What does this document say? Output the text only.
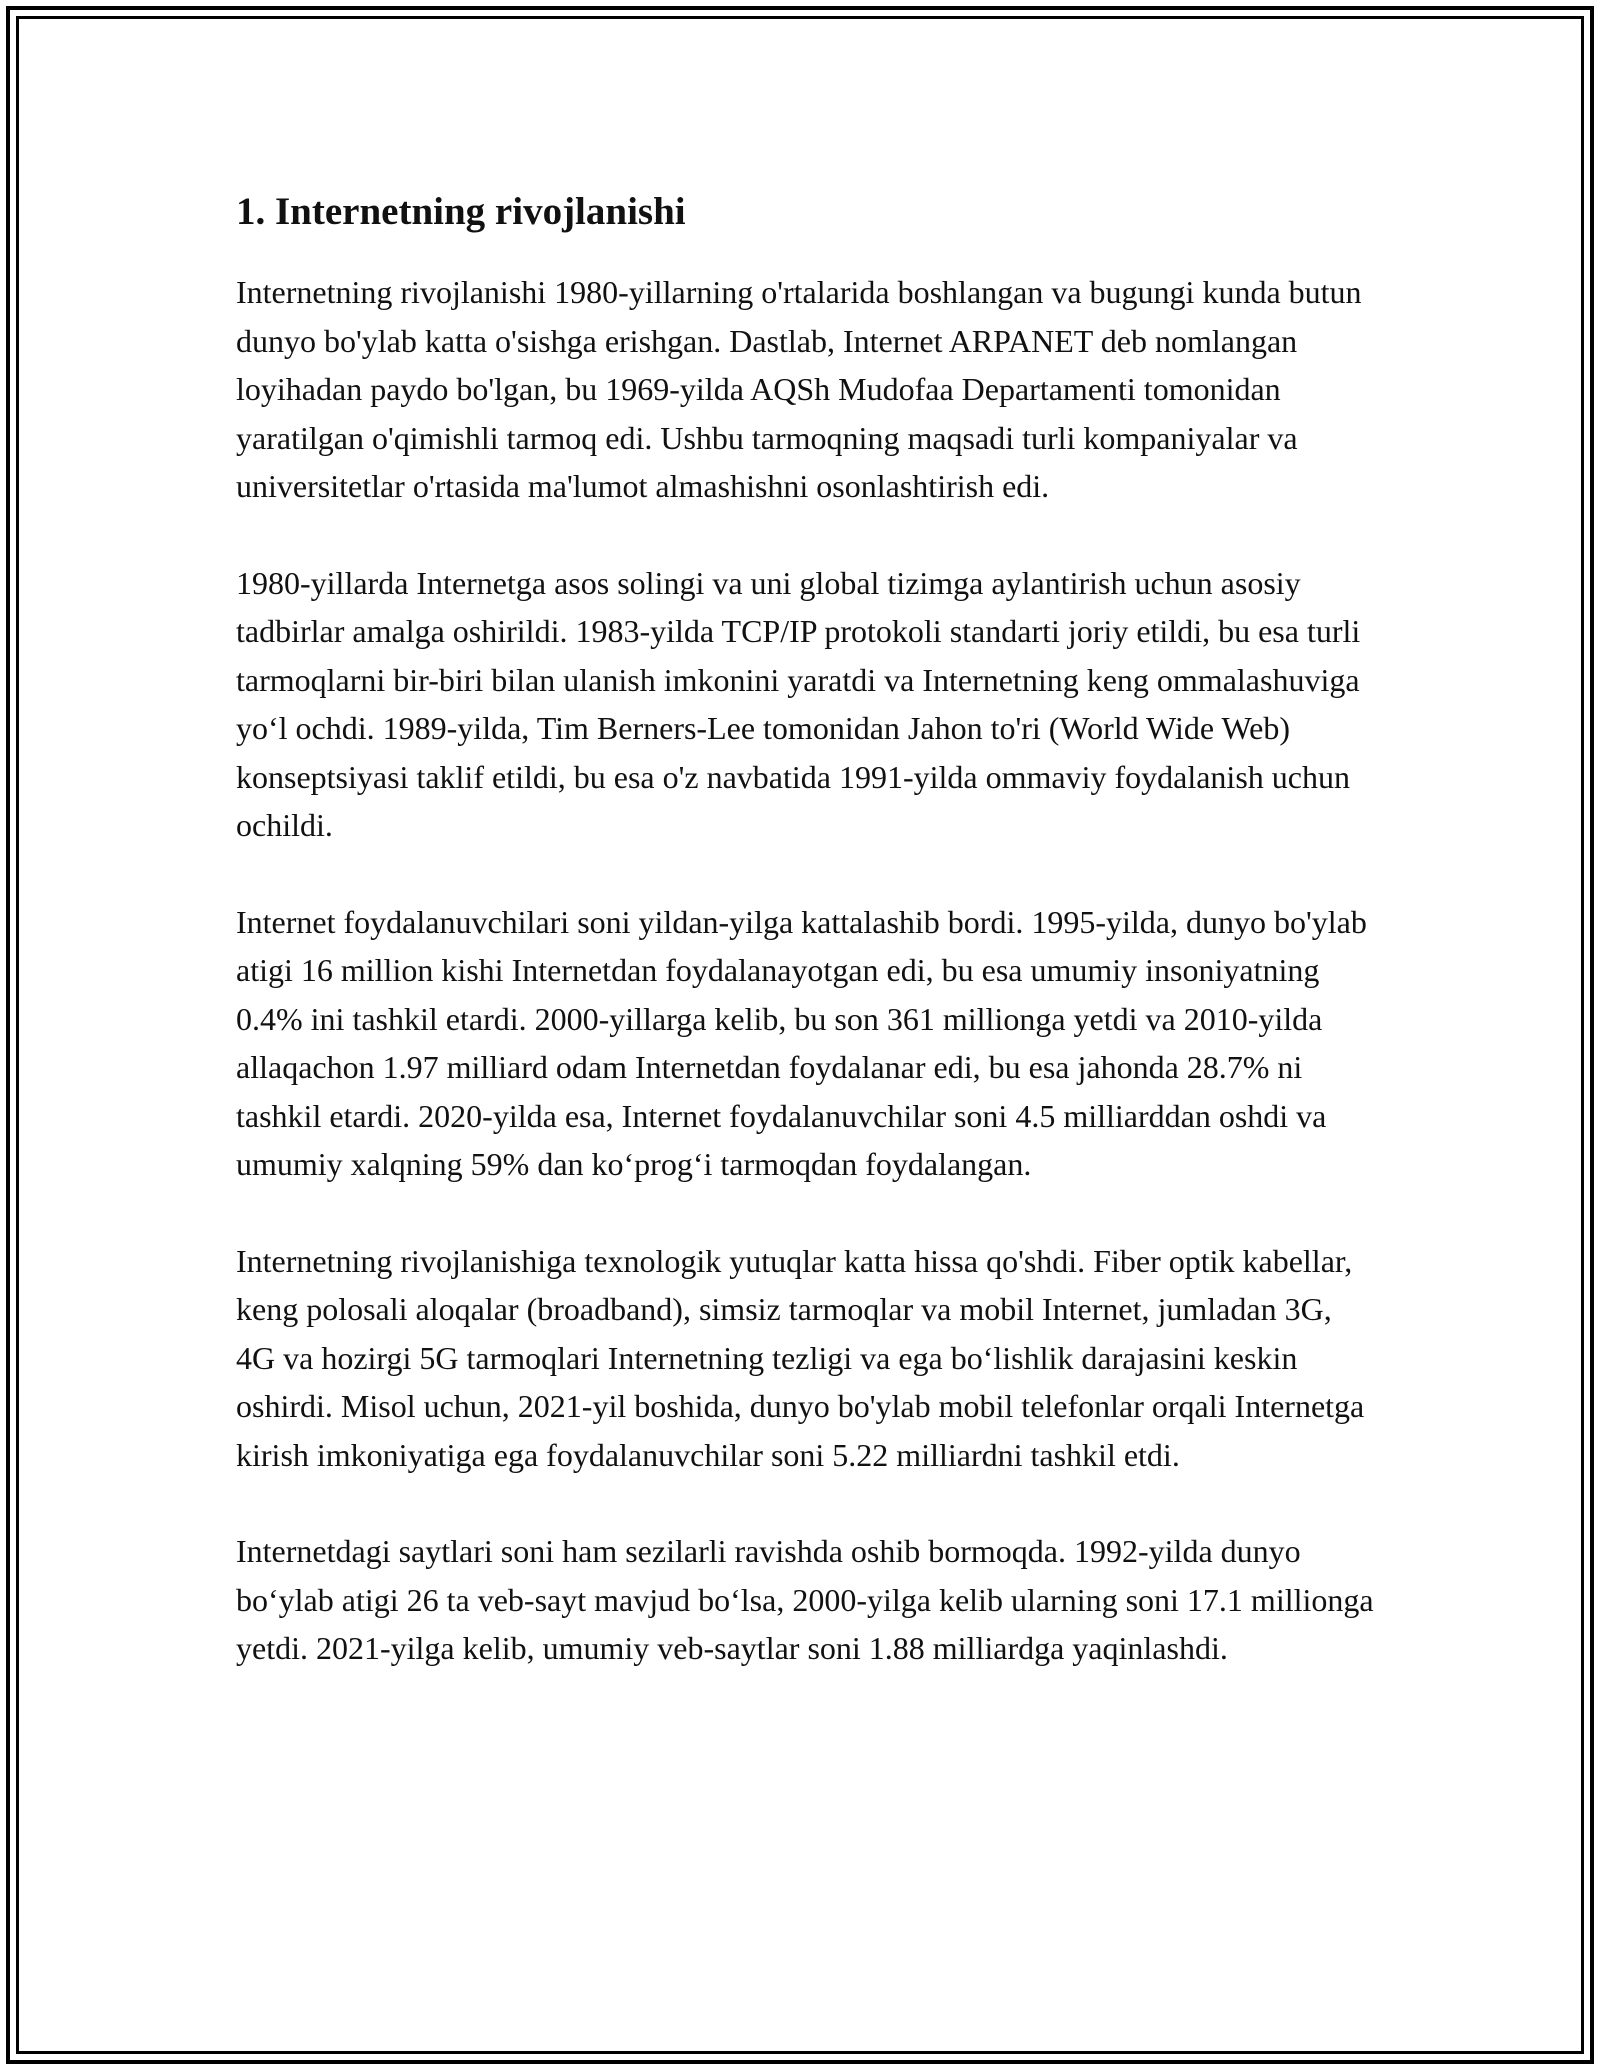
1. Internetning rivojlanishi

Internetning rivojlanishi 1980-yillarning o'rtalarida boshlangan va bugungi kunda butun dunyo bo'ylab katta o'sishga erishgan. Dastlab, Internet ARPANET deb nomlangan loyihadan paydo bo'lgan, bu 1969-yilda AQSh Mudofaa Departamenti tomonidan yaratilgan o'qimishli tarmoq edi. Ushbu tarmoqning maqsadi turli kompaniyalar va universitetlar o'rtasida ma'lumot almashishni osonlashtirish edi.

1980-yillarda Internetga asos solingi va uni global tizimga aylantirish uchun asosiy tadbirlar amalga oshirildi. 1983-yilda TCP/IP protokoli standarti joriy etildi, bu esa turli tarmoqlarni bir-biri bilan ulanish imkonini yaratdi va Internetning keng ommalashuviga yoʻl ochdi. 1989-yilda, Tim Berners-Lee tomonidan Jahon to'ri (World Wide Web) konseptsiyasi taklif etildi, bu esa o'z navbatida 1991-yilda ommaviy foydalanish uchun ochildi.

Internet foydalanuvchilari soni yildan-yilga kattalashib bordi. 1995-yilda, dunyo bo'ylab atigi 16 million kishi Internetdan foydalanayotgan edi, bu esa umumiy insoniyatning 0.4% ini tashkil etardi. 2000-yillarga kelib, bu son 361 millionga yetdi va 2010-yilda allaqachon 1.97 milliard odam Internetdan foydalanar edi, bu esa jahonda 28.7% ni tashkil etardi. 2020-yilda esa, Internet foydalanuvchilar soni 4.5 milliarddan oshdi va umumiy xalqning 59% dan koʻprogʻi tarmoqdan foydalangan.

Internetning rivojlanishiga texnologik yutuqlar katta hissa qo'shdi. Fiber optik kabellar, keng polosali aloqalar (broadband), simsiz tarmoqlar va mobil Internet, jumladan 3G, 4G va hozirgi 5G tarmoqlari Internetning tezligi va ega boʻlishlik darajasini keskin oshirdi. Misol uchun, 2021-yil boshida, dunyo bo'ylab mobil telefonlar orqali Internetga kirish imkoniyatiga ega foydalanuvchilar soni 5.22 milliardni tashkil etdi.

Internetdagi saytlari soni ham sezilarli ravishda oshib bormoqda. 1992-yilda dunyo boʻylab atigi 26 ta veb-sayt mavjud boʻlsa, 2000-yilga kelib ularning soni 17.1 millionga yetdi. 2021-yilga kelib, umumiy veb-saytlar soni 1.88 milliardga yaqinlashdi.
